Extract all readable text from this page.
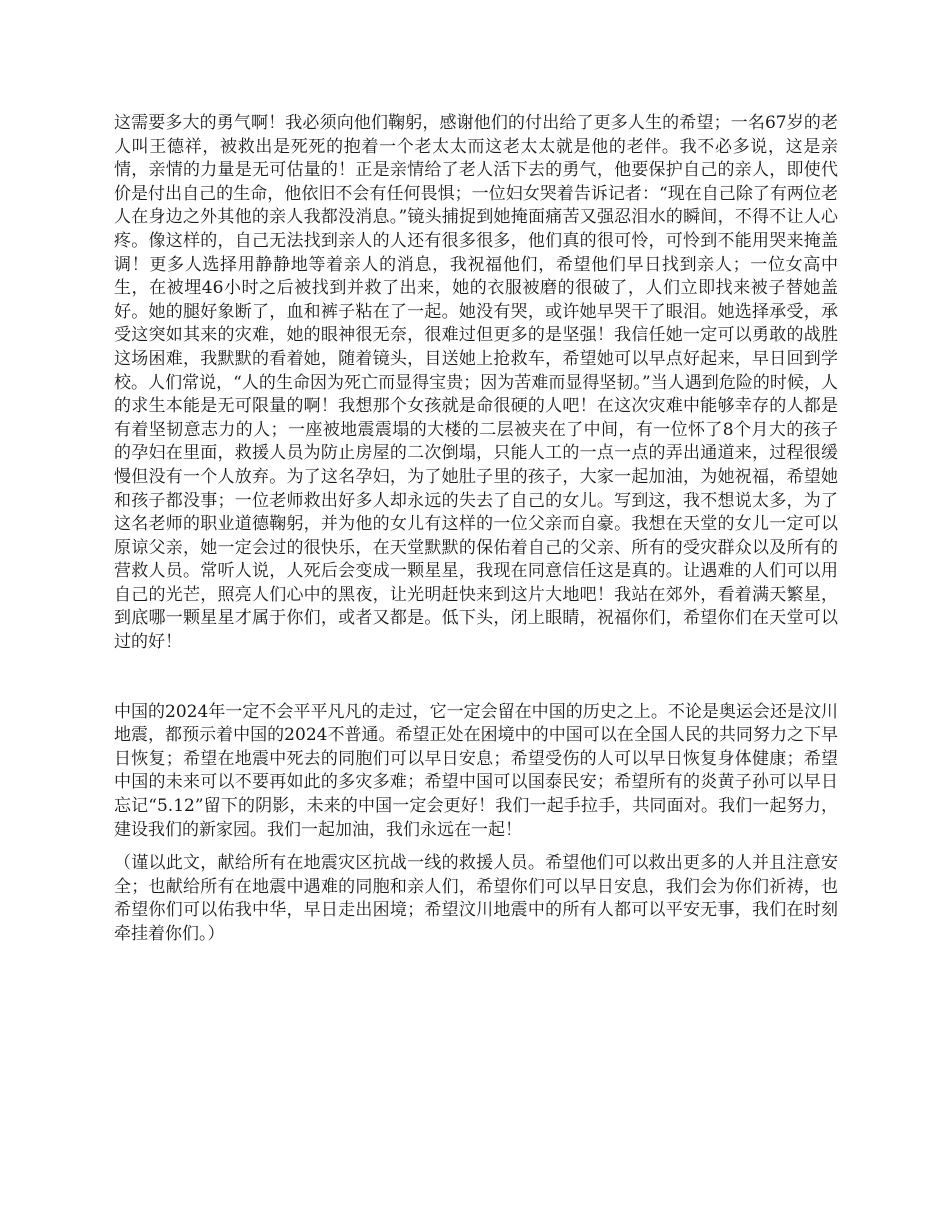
这需要多大的勇气啊！我必须向他们鞠躬，感谢他们的付出给了更多人生的希望；一名67岁的老人叫王德祥，被救出是死死的抱着一个老太太而这老太太就是他的老伴。我不必多说，这是亲情，亲情的力量是无可估量的！正是亲情给了老人活下去的勇气，他要保护自己的亲人，即使代价是付出自己的生命，他依旧不会有任何畏惧；一位妇女哭着告诉记者：“现在自己除了有两位老人在身边之外其他的亲人我都没消息。”镜头捕捉到她掩面痛苦又强忍泪水的瞬间，不得不让人心疼。像这样的，自己无法找到亲人的人还有很多很多，他们真的很可怜，可怜到不能用哭来掩盖调！更多人选择用静静地等着亲人的消息，我祝福他们，希望他们早日找到亲人；一位女高中生，在被埋46小时之后被找到并救了出来，她的衣服被磨的很破了，人们立即找来被子替她盖好。她的腿好象断了，血和裤子粘在了一起。她没有哭，或许她早哭干了眼泪。她选择承受，承受这突如其来的灾难，她的眼神很无奈，很难过但更多的是坚强！我信任她一定可以勇敢的战胜这场困难，我默默的看着她，随着镜头，目送她上抢救车，希望她可以早点好起来，早日回到学校。人们常说，“人的生命因为死亡而显得宝贵；因为苦难而显得坚韧。”当人遇到危险的时候，人的求生本能是无可限量的啊！我想那个女孩就是命很硬的人吧！在这次灾难中能够幸存的人都是有着坚韧意志力的人；一座被地震震塌的大楼的二层被夹在了中间，有一位怀了8个月大的孩子的孕妇在里面，救援人员为防止房屋的二次倒塌，只能人工的一点一点的弄出通道来，过程很缓慢但没有一个人放弃。为了这名孕妇，为了她肚子里的孩子，大家一起加油，为她祝福，希望她和孩子都没事；一位老师救出好多人却永远的失去了自己的女儿。写到这，我不想说太多，为了这名老师的职业道德鞠躬，并为他的女儿有这样的一位父亲而自豪。我想在天堂的女儿一定可以原谅父亲，她一定会过的很快乐，在天堂默默的保佑着自己的父亲、所有的受灾群众以及所有的营救人员。常听人说，人死后会变成一颗星星，我现在同意信任这是真的。让遇难的人们可以用自己的光芒，照亮人们心中的黑夜，让光明赶快来到这片大地吧！我站在郊外，看着满天繁星，到底哪一颗星星才属于你们，或者又都是。低下头，闭上眼睛，祝福你们，希望你们在天堂可以过的好！

中国的2024年一定不会平平凡凡的走过，它一定会留在中国的历史之上。不论是奥运会还是汶川地震，都预示着中国的2024不普通。希望正处在困境中的中国可以在全国人民的共同努力之下早日恢复；希望在地震中死去的同胞们可以早日安息；希望受伤的人可以早日恢复身体健康；希望中国的未来可以不要再如此的多灾多难；希望中国可以国泰民安；希望所有的炎黄子孙可以早日忘记“5.12”留下的阴影，未来的中国一定会更好！我们一起手拉手，共同面对。我们一起努力，建设我们的新家园。我们一起加油，我们永远在一起！

（谨以此文，献给所有在地震灾区抗战一线的救援人员。希望他们可以救出更多的人并且注意安全；也献给所有在地震中遇难的同胞和亲人们，希望你们可以早日安息，我们会为你们祈祷，也希望你们可以佑我中华，早日走出困境；希望汶川地震中的所有人都可以平安无事，我们在时刻牵挂着你们。）
